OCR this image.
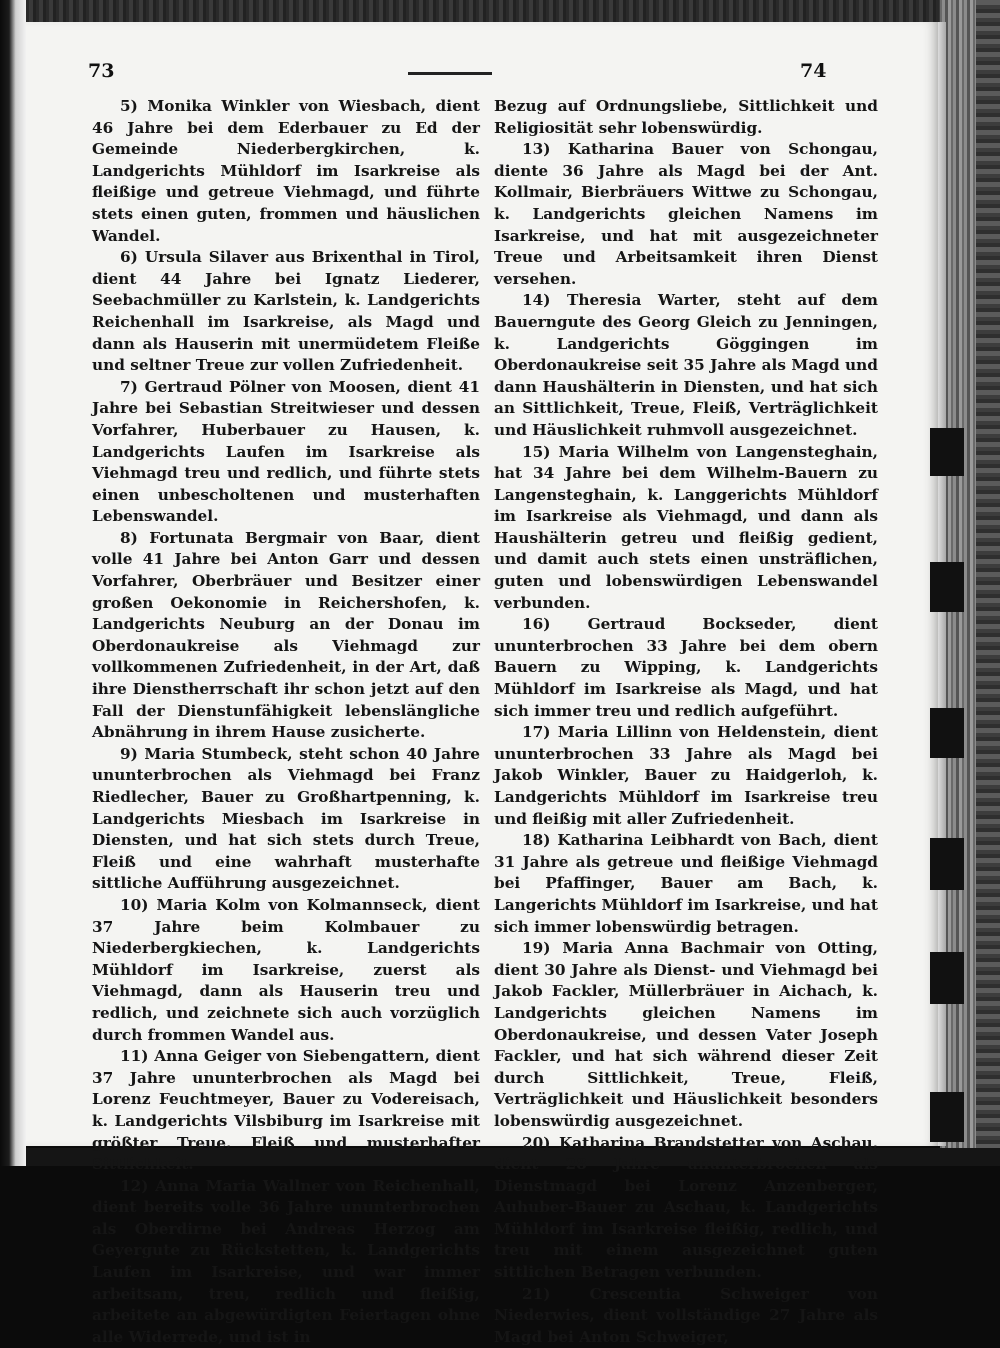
73	74

5) Monika Winkler von Wiesbach, dient 46 Jahre bei dem Ederbauer zu Ed der Gemeinde Niederbergkirchen, k. Landgerichts Mühldorf im Isarkreise als fleißige und getreue Viehmagd, und führte stets einen guten, frommen und häuslichen Wandel.

6) Ursula Silaver aus Brixenthal in Tirol, dient 44 Jahre bei Ignatz Liederer, Seebachmüller zu Karlstein, k. Landgerichts Reichenhall im Isarkreise, als Magd und dann als Hauserin mit unermüdetem Fleiße und seltner Treue zur vollen Zufriedenheit.

7) Gertraud Pölner von Moosen, dient 41 Jahre bei Sebastian Streitwieser und dessen Vorfahrer, Huberbauer zu Hausen, k. Landgerichts Laufen im Isarkreise als Viehmagd treu und redlich, und führte stets einen unbescholtenen und musterhaften Lebenswandel.

8) Fortunata Bergmair von Baar, dient volle 41 Jahre bei Anton Garr und dessen Vorfahrer, Oberbräuer und Besitzer einer großen Oekonomie in Reichershofen, k. Landgerichts Neuburg an der Donau im Oberdonaukreise als Viehmagd zur vollkommenen Zufriedenheit, in der Art, daß ihre Dienstherrschaft ihr schon jetzt auf den Fall der Dienstunfähigkeit lebenslängliche Abnährung in ihrem Hause zusicherte.

9) Maria Stumbeck, steht schon 40 Jahre ununterbrochen als Viehmagd bei Franz Riedlecher, Bauer zu Großhartpenning, k. Landgerichts Miesbach im Isarkreise in Diensten, und hat sich stets durch Treue, Fleiß und eine wahrhaft musterhafte sittliche Aufführung ausgezeichnet.

10) Maria Kolm von Kolmannseck, dient 37 Jahre beim Kolmbauer zu Niederbergkiechen, k. Landgerichts Mühldorf im Isarkreise, zuerst als Viehmagd, dann als Hauserin treu und redlich, und zeichnete sich auch vorzüglich durch frommen Wandel aus.

11) Anna Geiger von Siebengattern, dient 37 Jahre ununterbrochen als Magd bei Lorenz Feuchtmeyer, Bauer zu Vodereisach, k. Landgerichts Vilsbiburg im Isarkreise mit größter Treue, Fleiß und musterhafter Sittlichkeit.

12) Anna Maria Wallner von Reichenhall, dient bereits volle 36 Jahre ununterbrochen als Oberdirne bei Andreas Herzog am Geyergute zu Rückstetten, k. Landgerichts Laufen im Isarkreise, und war immer arbeitsam, treu, redlich und fleißig, arbeitete an abgewürdigten Feiertagen ohne alle Widerrede, und ist in

Bezug auf Ordnungsliebe, Sittlichkeit und Religiosität sehr lobenswürdig.

13) Katharina Bauer von Schongau, diente 36 Jahre als Magd bei der Ant. Kollmair, Bierbräuers Wittwe zu Schongau, k. Landgerichts gleichen Namens im Isarkreise, und hat mit ausgezeichneter Treue und Arbeitsamkeit ihren Dienst versehen.

14) Theresia Warter, steht auf dem Bauerngute des Georg Gleich zu Jenningen, k. Landgerichts Göggingen im Oberdonaukreise seit 35 Jahre als Magd und dann Haushälterin in Diensten, und hat sich an Sittlichkeit, Treue, Fleiß, Verträglichkeit und Häuslichkeit ruhmvoll ausgezeichnet.

15) Maria Wilhelm von Langensteghain, hat 34 Jahre bei dem Wilhelm-Bauern zu Langensteghain, k. Langgerichts Mühldorf im Isarkreise als Viehmagd, und dann als Haushälterin getreu und fleißig gedient, und damit auch stets einen unsträflichen, guten und lobenswürdigen Lebenswandel verbunden.

16) Gertraud Bockseder, dient ununterbrochen 33 Jahre bei dem obern Bauern zu Wipping, k. Landgerichts Mühldorf im Isarkreise als Magd, und hat sich immer treu und redlich aufgeführt.

17) Maria Lillinn von Heldenstein, dient ununterbrochen 33 Jahre als Magd bei Jakob Winkler, Bauer zu Haidgerloh, k. Landgerichts Mühldorf im Isarkreise treu und fleißig mit aller Zufriedenheit.

18) Katharina Leibhardt von Bach, dient 31 Jahre als getreue und fleißige Viehmagd bei Pfaffinger, Bauer am Bach, k. Langerichts Mühldorf im Isarkreise, und hat sich immer lobenswürdig betragen.

19) Maria Anna Bachmair von Otting, dient 30 Jahre als Dienst- und Viehmagd bei Jakob Fackler, Müllerbräuer in Aichach, k. Landgerichts gleichen Namens im Oberdonaukreise, und dessen Vater Joseph Fackler, und hat sich während dieser Zeit durch Sittlichkeit, Treue, Fleiß, Verträglichkeit und Häuslichkeit besonders lobenswürdig ausgezeichnet.

20) Katharina Brandstetter von Aschau, dient 28 Jahre ununterbrochen als Dienstmagd bei Lorenz Anzenberger, Auhuber-Bauer zu Aschau, k. Landgerichts Mühldorf im Isarkreise fleißig, redlich, und treu mit einem ausgezeichnet guten sittlichen Betragen verbunden.

21) Crescentia Schweiger von Niederwies, dient vollständige 27 Jahre als Magd bei Anton Schweiger,
